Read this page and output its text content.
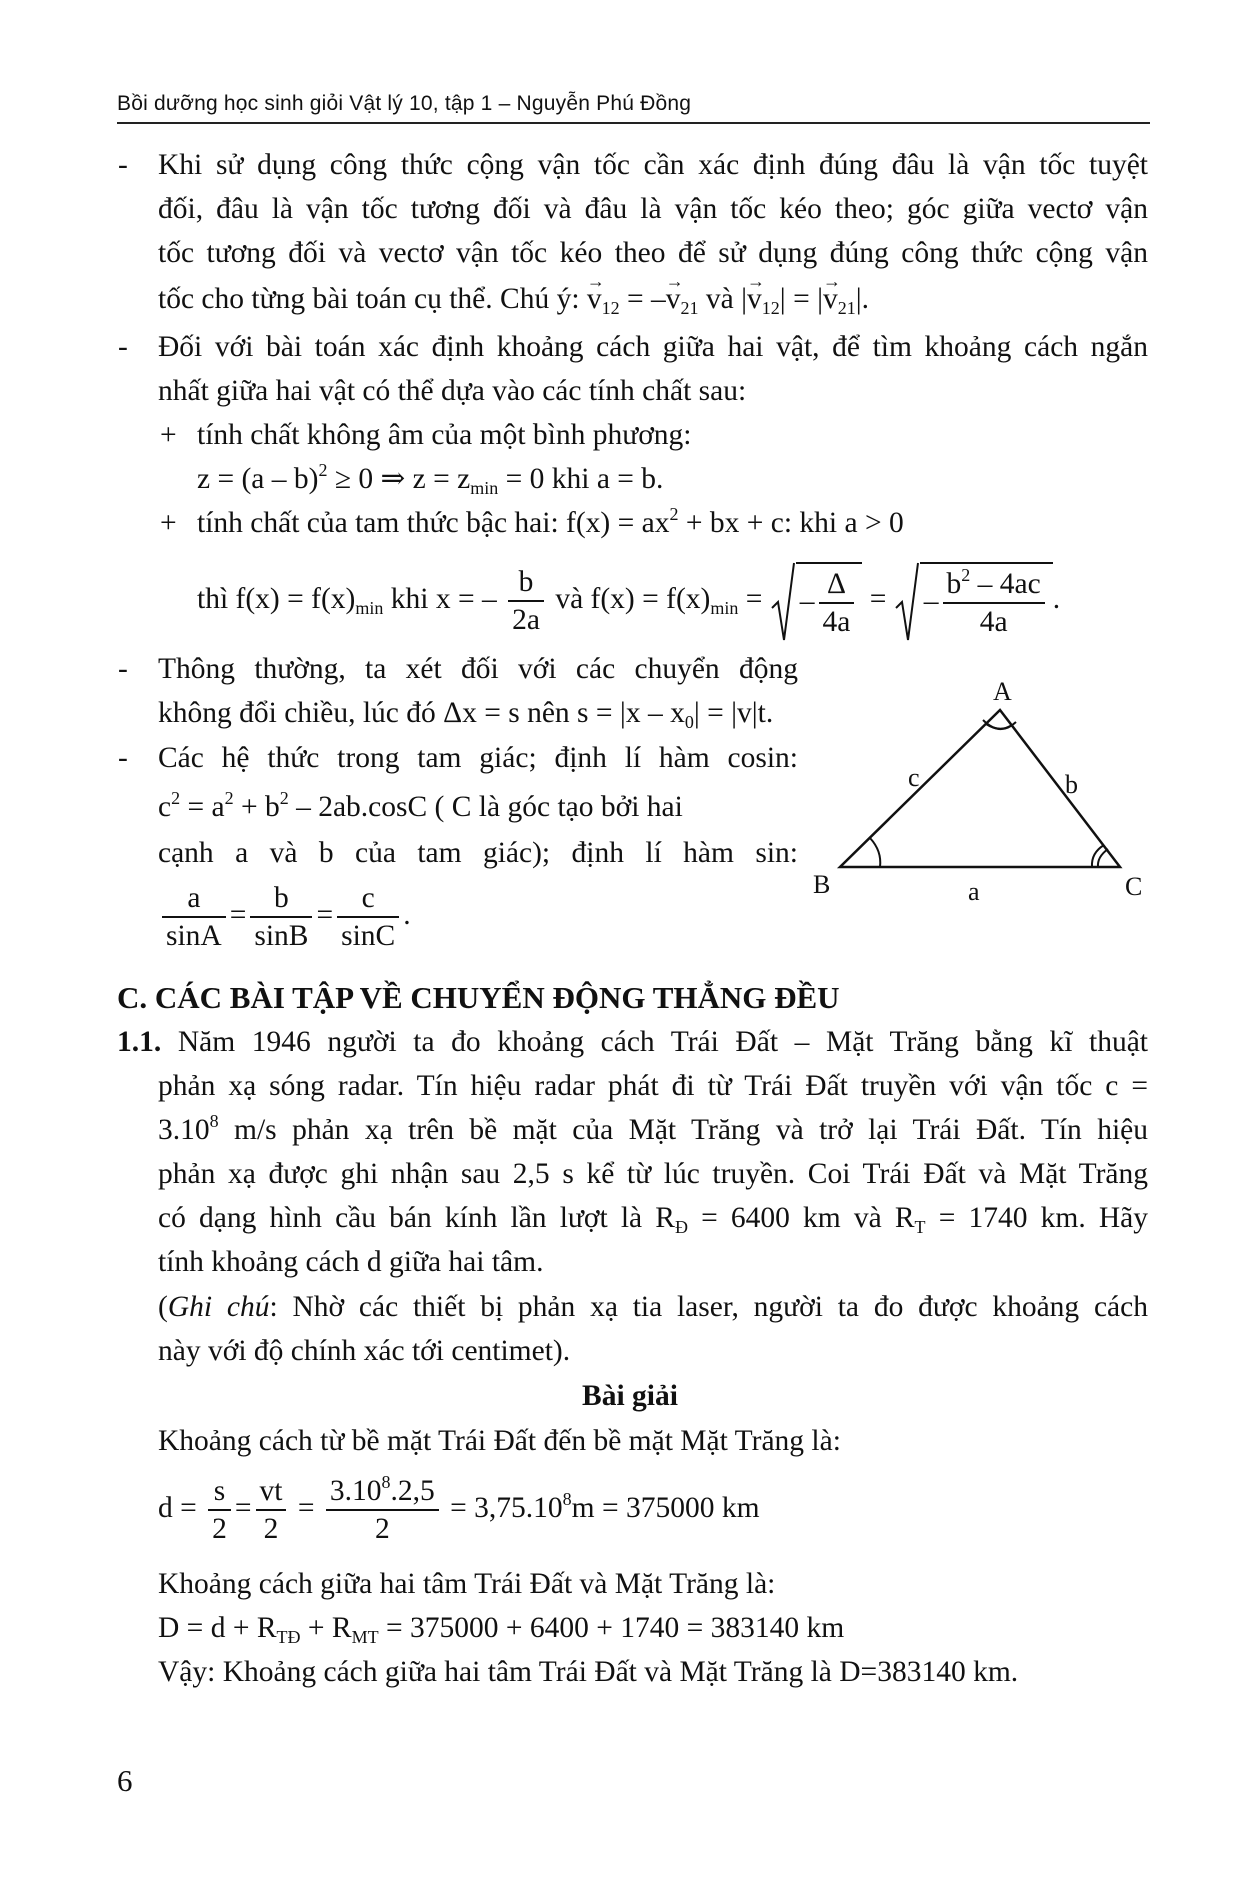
Bồi dưỡng học sinh giỏi Vật lý 10, tập 1 – Nguyễn Phú Đồng
- Khi sử dụng công thức cộng vận tốc cần xác định đúng đâu là vận tốc tuyệt
đối, đâu là vận tốc tương đối và đâu là vận tốc kéo theo; góc giữa vectơ vận
tốc tương đối và vectơ vận tốc kéo theo để sử dụng đúng công thức cộng vận
tốc cho từng bài toán cụ thể. Chú ý: → $v_{12}$ = –→ $v_{21}$ và |→ $v_{12}|$ = |→ $v_{21}|$.
- Đối với bài toán xác định khoảng cách giữa hai vật, để tìm khoảng cách ngắn
nhất giữa hai vật có thể dựa vào các tính chất sau:
+ tính chất không âm của một bình phương:
z = (a – b)$^2$ ≥ 0 ⇒ $z = z_{min} = 0$ khi a = b.
+ tính chất của tam thức bậc hai: $f(x) = ax^2$ + bx + c: khi a > 0
thì $f(x) = f(x)_{min}$ khi x = – $\frac{b}{2a}$ và $f(x) = f(x)_{min}$ = – $\frac{\Delta}{4a}$ = – $\frac{b^2 - 4ac}{4a}$ .
- Thông thường, ta xét đối với các chuyển động
không đổi chiều, lúc đó Δx = s nên $s = |x - x_0| = |v|t$.
- Các hệ thức trong tam giác; định lí hàm cosin:
$c^2 = a^2 + b^2 - 2ab.\cos C$ ( C là góc tạo bởi hai
cạnh a và b của tam giác); định lí hàm sin:
$\frac{a}{\sin A} = \frac{b}{\sin B} = \frac{c}{\sin C}$ .
A
B	C
a
b
c
C. CÁC BÀI TẬP VỀ CHUYỂN ĐỘNG THẲNG ĐỀU
1.1. Năm 1946 người ta đo khoảng cách Trái Đất – Mặt Trăng bằng kĩ thuật
phản xạ sóng radar. Tín hiệu radar phát đi từ Trái Đất truyền với vận tốc c =
$3.10^8$ m/s phản xạ trên bề mặt của Mặt Trăng và trở lại Trái Đất. Tín hiệu
phản xạ được ghi nhận sau 2,5 s kể từ lúc truyền. Coi Trái Đất và Mặt Trăng
có dạng hình cầu bán kính lần lượt là $R_Đ = 6400$ km và $R_T = 1740$ km. Hãy
tính khoảng cách d giữa hai tâm.
(Ghi chú: Nhờ các thiết bị phản xạ tia laser, người ta đo được khoảng cách
này với độ chính xác tới centimet).
Bài giải
Khoảng cách từ bề mặt Trái Đất đến bề mặt Mặt Trăng là:
$d = \frac{s}{2} = \frac{vt}{2} = \frac{3.10^8.2,5}{2} = 3,75.10^8m = 375000$ km
Khoảng cách giữa hai tâm Trái Đất và Mặt Trăng là:
$D = d + R_{TĐ} + R_{MT} = 375000 + 6400 + 1740 = 383140$ km
Vậy: Khoảng cách giữa hai tâm Trái Đất và Mặt Trăng là D=383140 km.
6
